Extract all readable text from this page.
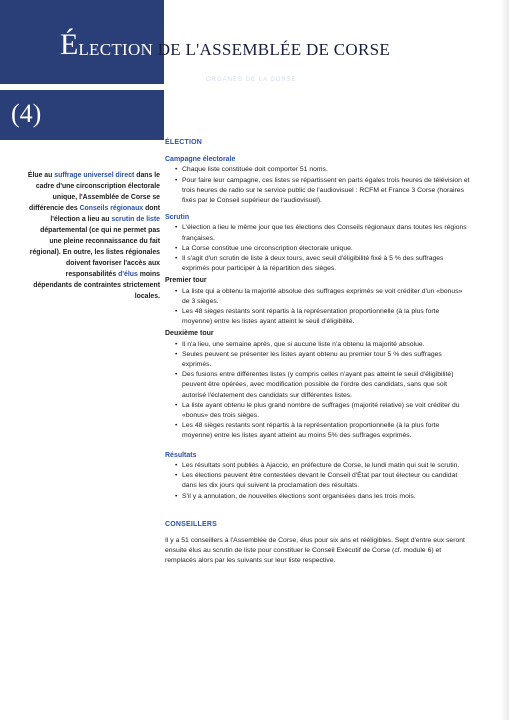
ÉLECTION DE L'ASSEMBLÉE DE CORSE
ORGANES DE LA CORSE
(4)
Élue au suffrage universel direct dans le cadre d'une circonscription électorale unique, l'Assemblée de Corse se différencie des Conseils régionaux dont l'élection a lieu au scrutin de liste départemental (ce qui ne permet pas une pleine reconnaissance du fait régional). En outre, les listes régionales doivent favoriser l'accès aux responsabilités d'élus moins dépendants de contraintes strictement locales.
ÉLECTION
Campagne électorale
• Chaque liste constituée doit comporter 51 noms.
• Pour faire leur campagne, ces listes se répartissent en parts égales trois heures de télévision et trois heures de radio sur le service public de l'audiovisuel : RCFM et France 3 Corse (horaires fixés par le Conseil supérieur de l'audiovisuel).
Scrutin
• L'élection a lieu le même jour que les élections des Conseils régionaux dans toutes les régions françaises.
• La Corse constitue une circonscription électorale unique.
• Il s'agit d'un scrutin de liste à deux tours, avec seuil d'éligibilité fixé à 5 % des suffrages exprimés pour participer à la répartition des sièges.
Premier tour
• La liste qui a obtenu la majorité absolue des suffrages exprimés se voit créditer d'un «bonus» de 3 sièges.
• Les 48 sièges restants sont répartis à la représentation proportionnelle (à la plus forte moyenne) entre les listes ayant atteint le seuil d'éligibilité.
Deuxième tour
• Il n'a lieu, une semaine après, que si aucune liste n'a obtenu la majorité absolue.
• Seules peuvent se présenter les listes ayant obtenu au premier tour 5 % des suffrages exprimés.
• Des fusions entre différentes listes (y compris celles n'ayant pas atteint le seuil d'éligibilité) peuvent être opérées, avec modification possible de l'ordre des candidats, sans que soit autorisé l'éclatement des candidats sur différentes listes.
• La liste ayant obtenu le plus grand nombre de suffrages (majorité relative) se voit créditer du «bonus» des trois sièges.
• Les 48 sièges restants sont répartis à la représentation proportionnelle (à la plus forte moyenne) entre les listes ayant atteint au moins 5% des suffrages exprimés.
Résultats
• Les résultats sont publiés à Ajaccio, en préfecture de Corse, le lundi matin qui suit le scrutin.
• Les élections peuvent être contestées devant le Conseil d'État par tout électeur ou candidat dans les dix jours qui suivent la proclamation des résultats.
• S'il y a annulation, de nouvelles élections sont organisées dans les trois mois.
CONSEILLERS
Il y a 51 conseillers à l'Assemblée de Corse, élus pour six ans et rééligibles. Sept d'entre eux seront ensuite élus au scrutin de liste pour constituer le Conseil Exécutif de Corse (cf. module 6) et remplacés alors par les suivants sur leur liste respective.
